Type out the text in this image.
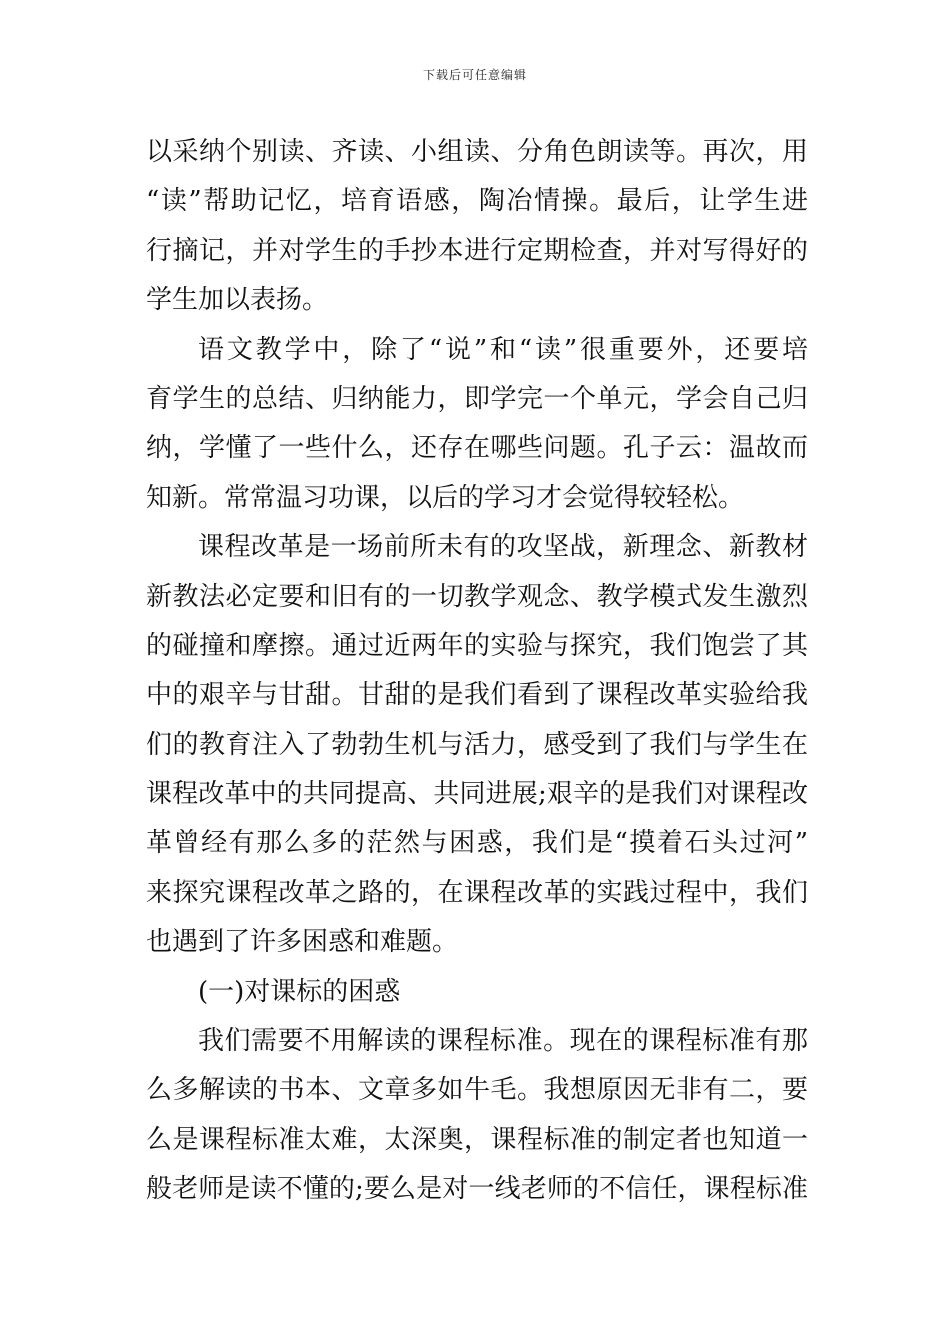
下载后可任意编辑
以采纳个别读、齐读、小组读、分角色朗读等。再次，用
“读”帮助记忆，培育语感，陶冶情操。最后，让学生进
行摘记，并对学生的手抄本进行定期检查，并对写得好的
学生加以表扬。
语文教学中，除了“说”和“读”很重要外，还要培
育学生的总结、归纳能力，即学完一个单元，学会自己归
纳，学懂了一些什么，还存在哪些问题。孔子云：温故而
知新。常常温习功课，以后的学习才会觉得较轻松。
课程改革是一场前所未有的攻坚战，新理念、新教材
新教法必定要和旧有的一切教学观念、教学模式发生激烈
的碰撞和摩擦。通过近两年的实验与探究，我们饱尝了其
中的艰辛与甘甜。甘甜的是我们看到了课程改革实验给我
们的教育注入了勃勃生机与活力，感受到了我们与学生在
课程改革中的共同提高、共同进展;艰辛的是我们对课程改
革曾经有那么多的茫然与困惑，我们是“摸着石头过河”
来探究课程改革之路的，在课程改革的实践过程中，我们
也遇到了许多困惑和难题。
(一)对课标的困惑
我们需要不用解读的课程标准。现在的课程标准有那
么多解读的书本、文章多如牛毛。我想原因无非有二，要
么是课程标准太难，太深奥，课程标准的制定者也知道一
般老师是读不懂的;要么是对一线老师的不信任，课程标准
